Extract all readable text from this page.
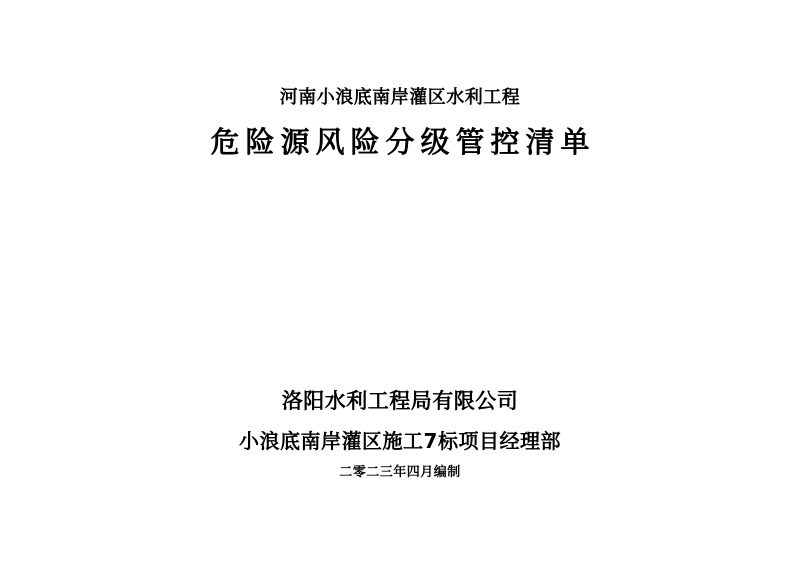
河南小浪底南岸灌区水利工程
危险源风险分级管控清单
洛阳水利工程局有限公司
小浪底南岸灌区施工7标项目经理部
二零二三年四月编制
